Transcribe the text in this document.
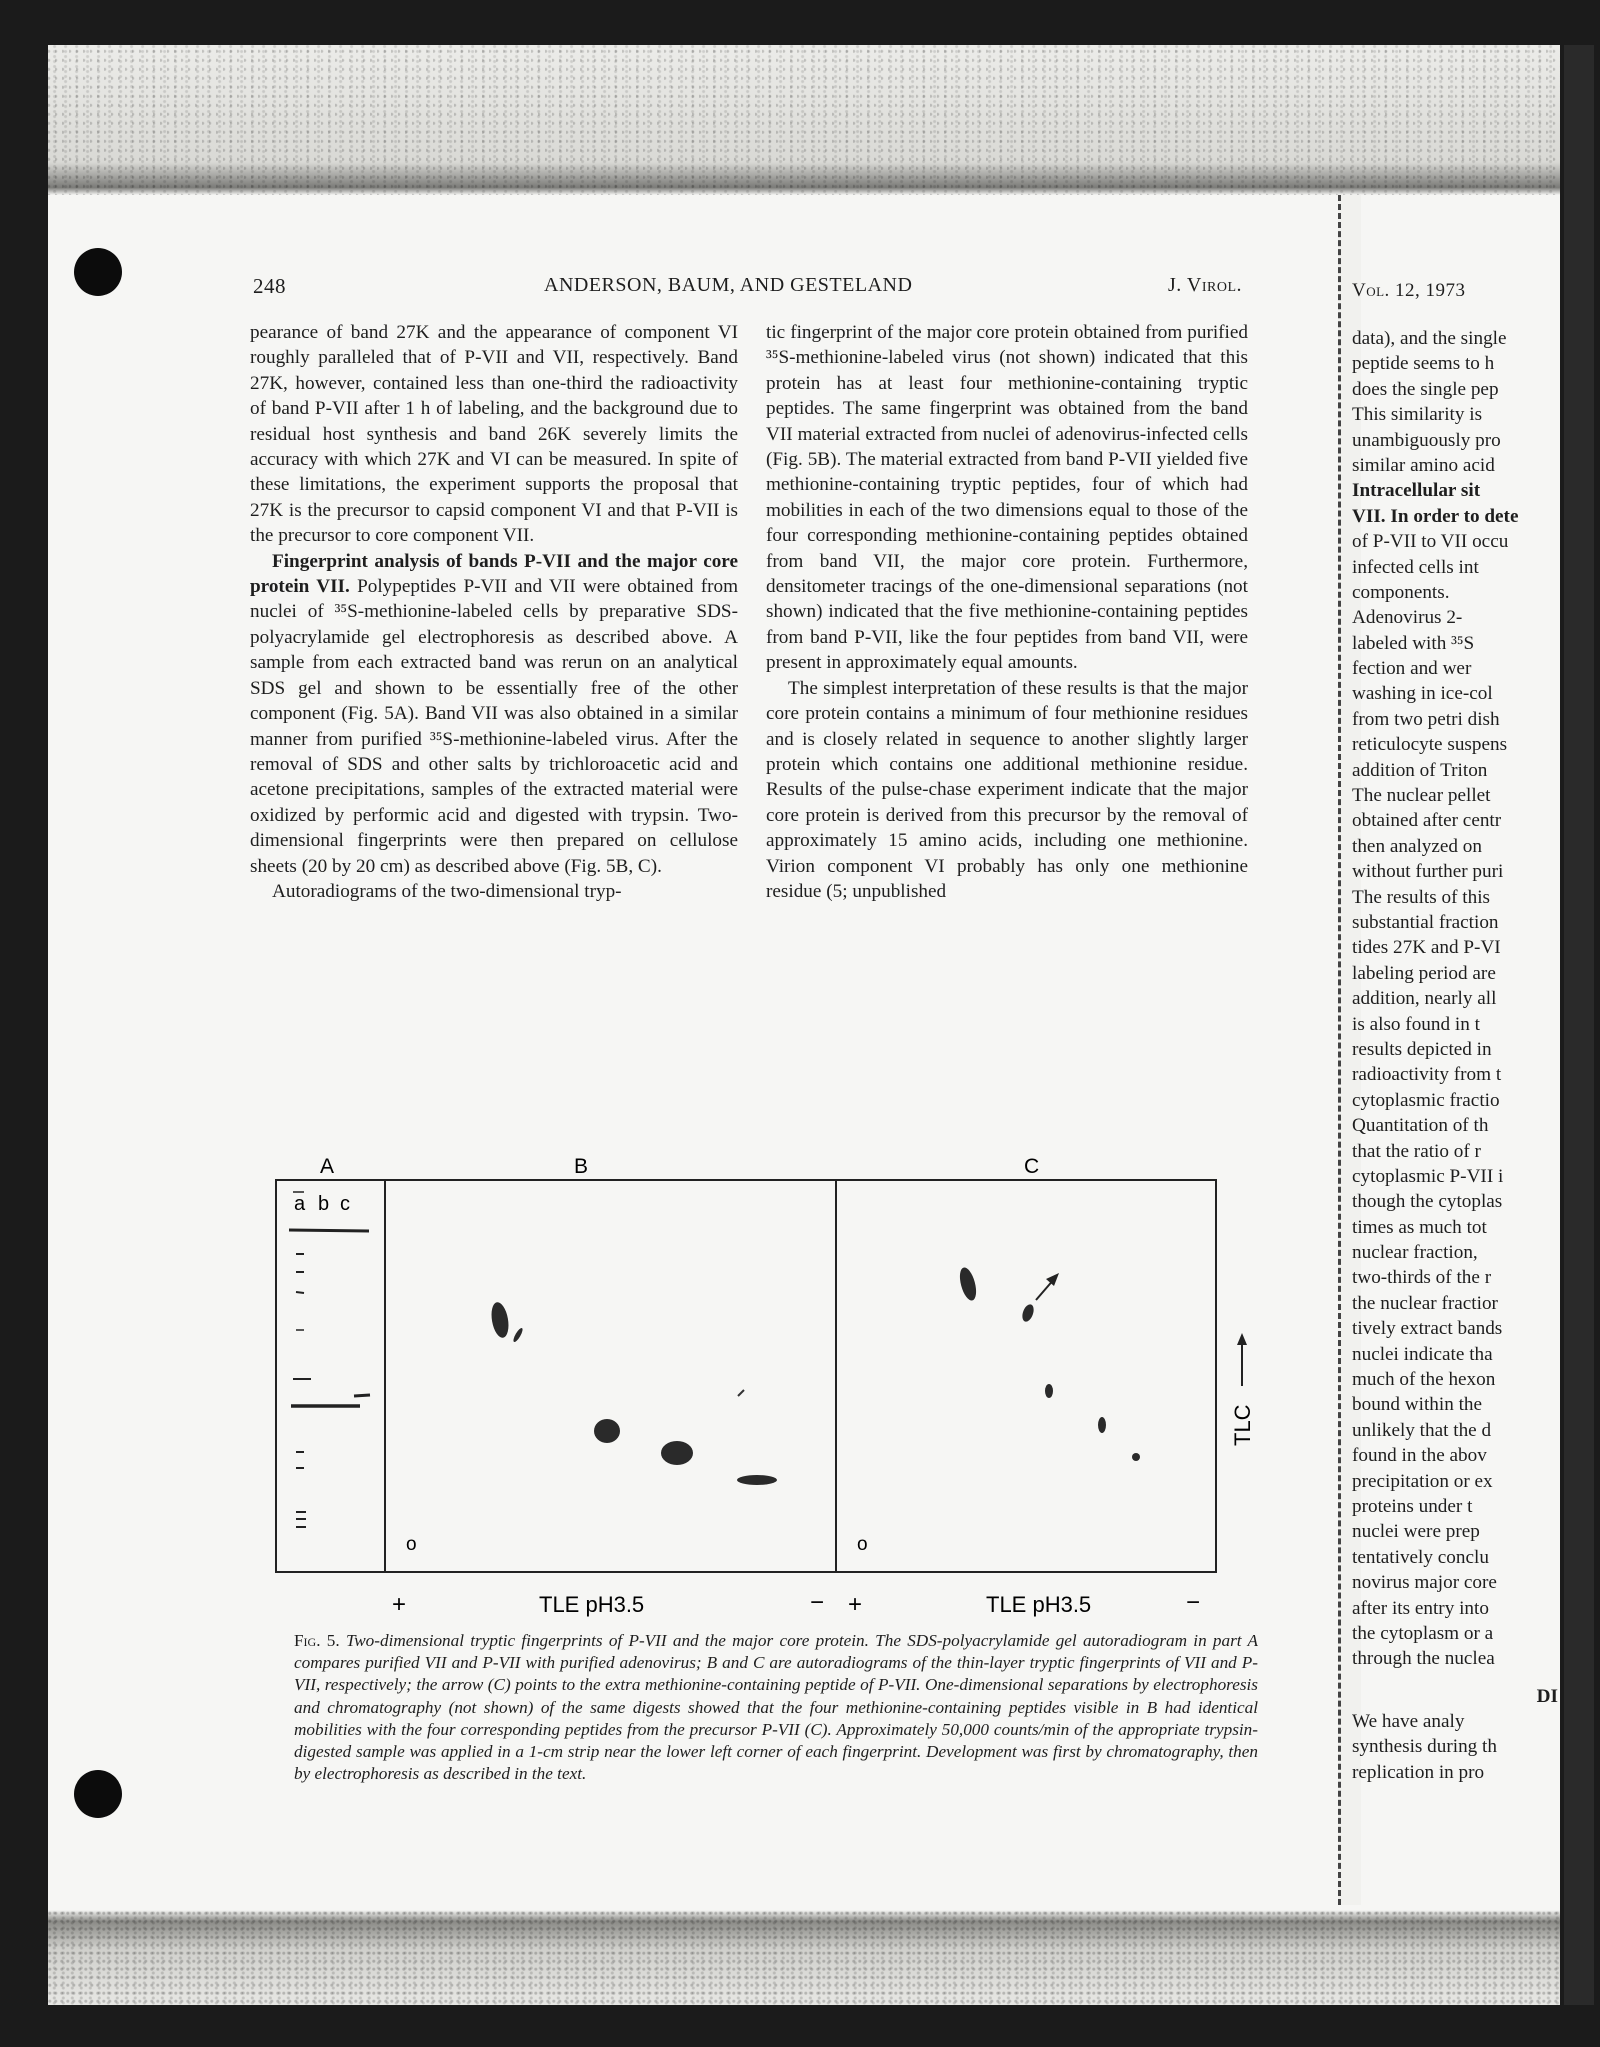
248	ANDERSON, BAUM, AND GESTELAND	J. Virol.	Vol. 12, 1973

pearance of band 27K and the appearance of component VI roughly paralleled that of P-VII and VII, respectively. Band 27K, however, contained less than one-third the radioactivity of band P-VII after 1 h of labeling, and the background due to residual host synthesis and band 26K severely limits the accuracy with which 27K and VI can be measured. In spite of these limitations, the experiment supports the proposal that 27K is the precursor to capsid component VI and that P-VII is the precursor to core component VII.

Fingerprint analysis of bands P-VII and the major core protein VII. Polypeptides P-VII and VII were obtained from nuclei of ³⁵S-methionine-labeled cells by preparative SDS-polyacrylamide gel electrophoresis as described above. A sample from each extracted band was rerun on an analytical SDS gel and shown to be essentially free of the other component (Fig. 5A). Band VII was also obtained in a similar manner from purified ³⁵S-methionine-labeled virus. After the removal of SDS and other salts by trichloroacetic acid and acetone precipitations, samples of the extracted material were oxidized by performic acid and digested with trypsin. Two-dimensional fingerprints were then prepared on cellulose sheets (20 by 20 cm) as described above (Fig. 5B, C).

Autoradiograms of the two-dimensional tryp-

tic fingerprint of the major core protein obtained from purified ³⁵S-methionine-labeled virus (not shown) indicated that this protein has at least four methionine-containing tryptic peptides. The same fingerprint was obtained from the band VII material extracted from nuclei of adenovirus-infected cells (Fig. 5B). The material extracted from band P-VII yielded five methionine-containing tryptic peptides, four of which had mobilities in each of the two dimensions equal to those of the four corresponding methionine-containing peptides obtained from band VII, the major core protein. Furthermore, densitometer tracings of the one-dimensional separations (not shown) indicated that the five methionine-containing peptides from band P-VII, like the four peptides from band VII, were present in approximately equal amounts.

The simplest interpretation of these results is that the major core protein contains a minimum of four methionine residues and is closely related in sequence to another slightly larger protein which contains one additional methionine residue. Results of the pulse-chase experiment indicate that the major core protein is derived from this precursor by the removal of approximately 15 amino acids, including one methionine. Virion component VI probably has only one methionine residue (5; unpublished

data), and the single
peptide seems to h
does the single pep
This similarity is
unambiguously pro
similar amino acid
Intracellular sit
VII. In order to dete
of P-VII to VII occu
infected cells int
components.
Adenovirus 2-
labeled with ³⁵S
fection and wer
washing in ice-col
from two petri dish
reticulocyte suspens
addition of Triton
The nuclear pellet
obtained after centr
then analyzed on
without further puri
The results of this
substantial fraction
tides 27K and P-VI
labeling period are
addition, nearly all
is also found in t
results depicted in
radioactivity from t
cytoplasmic fractio
Quantitation of th
that the ratio of r
cytoplasmic P-VII i
though the cytoplas
times as much tot
nuclear fraction,
two-thirds of the r
the nuclear fractior
tively extract bands
nuclei indicate tha
much of the hexon
bound within the
unlikely that the d
found in the abov
precipitation or ex
proteins under t
nuclei were prep
tentatively conclu
novirus major core
after its entry into
the cytoplasm or a
through the nuclea
DI
We have analy
synthesis during th
replication in pro
A	B	C
a b c
o	o
+	TLE pH3.5	− +	TLE pH3.5	−
TLC
Fig. 5. Two-dimensional tryptic fingerprints of P-VII and the major core protein. The SDS-polyacrylamide gel autoradiogram in part A compares purified VII and P-VII with purified adenovirus; B and C are autoradiograms of the thin-layer tryptic fingerprints of VII and P-VII, respectively; the arrow (C) points to the extra methionine-containing peptide of P-VII. One-dimensional separations by electrophoresis and chromatography (not shown) of the same digests showed that the four methionine-containing peptides visible in B had identical mobilities with the four corresponding peptides from the precursor P-VII (C). Approximately 50,000 counts/min of the appropriate trypsin-digested sample was applied in a 1-cm strip near the lower left corner of each fingerprint. Development was first by chromatography, then by electrophoresis as described in the text.
